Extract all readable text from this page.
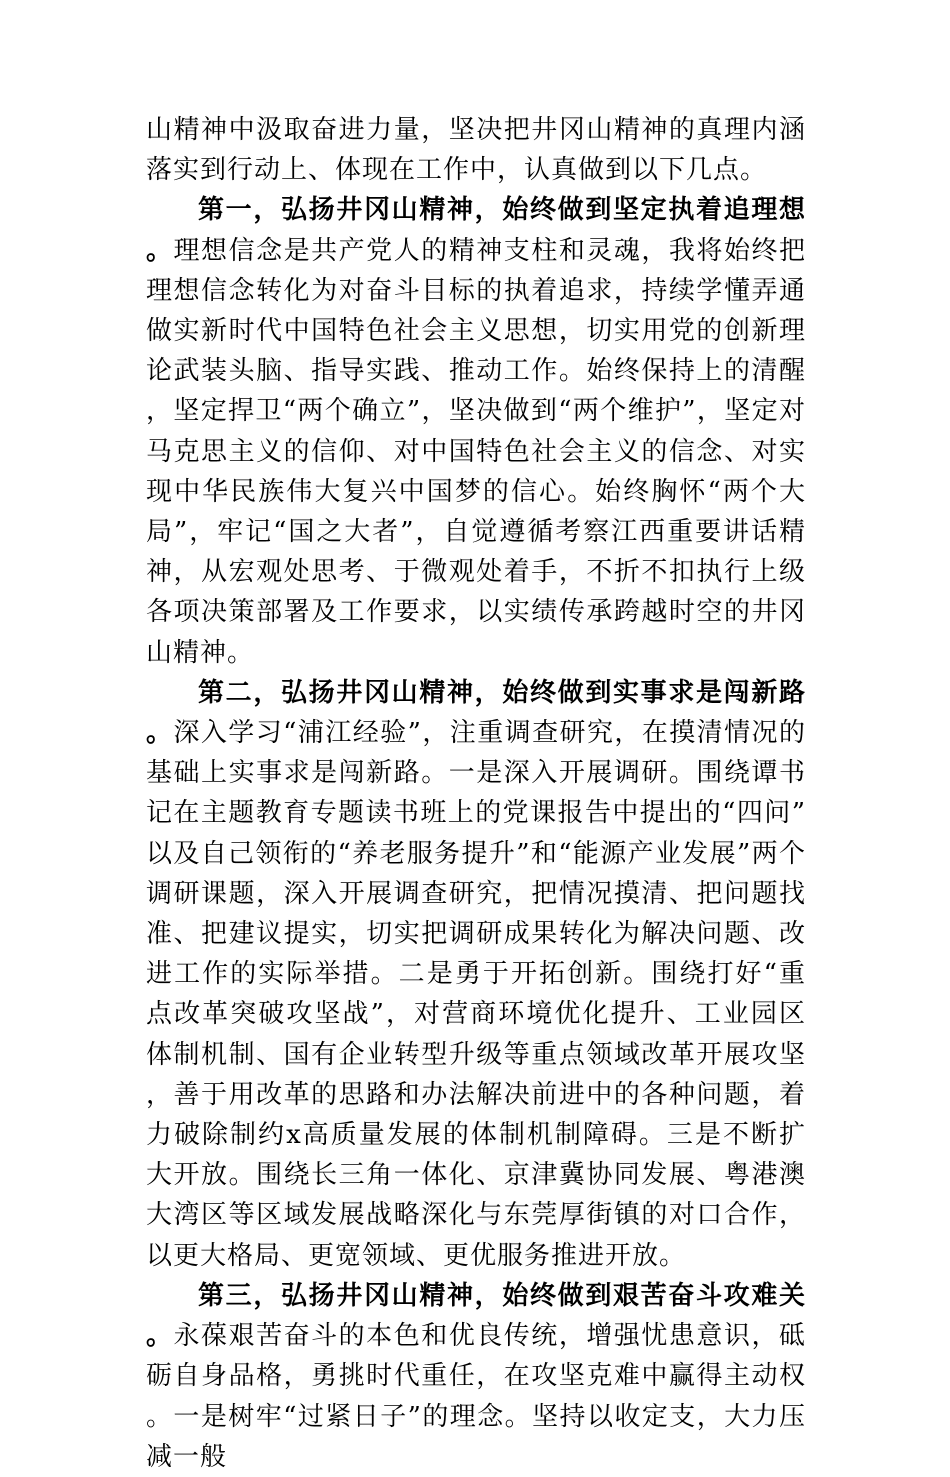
山精神中汲取奋进力量，坚决把井冈山精神的真理内涵落实到行动上、体现在工作中，认真做到以下几点。

第一，弘扬井冈山精神，始终做到坚定执着追理想。理想信念是共产党人的精神支柱和灵魂，我将始终把理想信念转化为对奋斗目标的执着追求，持续学懂弄通做实新时代中国特色社会主义思想，切实用党的创新理论武装头脑、指导实践、推动工作。始终保持上的清醒，坚定捍卫“两个确立”，坚决做到“两个维护”，坚定对马克思主义的信仰、对中国特色社会主义的信念、对实现中华民族伟大复兴中国梦的信心。始终胸怀“两个大局”，牢记“国之大者”，自觉遵循考察江西重要讲话精神，从宏观处思考、于微观处着手，不折不扣执行上级各项决策部署及工作要求，以实绩传承跨越时空的井冈山精神。

第二，弘扬井冈山精神，始终做到实事求是闯新路。深入学习“浦江经验”，注重调查研究，在摸清情况的基础上实事求是闯新路。一是深入开展调研。围绕谭书记在主题教育专题读书班上的党课报告中提出的“四问”以及自己领衔的“养老服务提升”和“能源产业发展”两个调研课题，深入开展调查研究，把情况摸清、把问题找准、把建议提实，切实把调研成果转化为解决问题、改进工作的实际举措。二是勇于开拓创新。围绕打好“重点改革突破攻坚战”，对营商环境优化提升、工业园区体制机制、国有企业转型升级等重点领域改革开展攻坚，善于用改革的思路和办法解决前进中的各种问题，着力破除制约x高质量发展的体制机制障碍。三是不断扩大开放。围绕长三角一体化、京津冀协同发展、粤港澳大湾区等区域发展战略深化与东莞厚街镇的对口合作，以更大格局、更宽领域、更优服务推进开放。

第三，弘扬井冈山精神，始终做到艰苦奋斗攻难关。永葆艰苦奋斗的本色和优良传统，增强忧患意识，砥砺自身品格，勇挑时代重任，在攻坚克难中赢得主动权。一是树牢“过紧日子”的理念。坚持以收定支，大力压减一般
